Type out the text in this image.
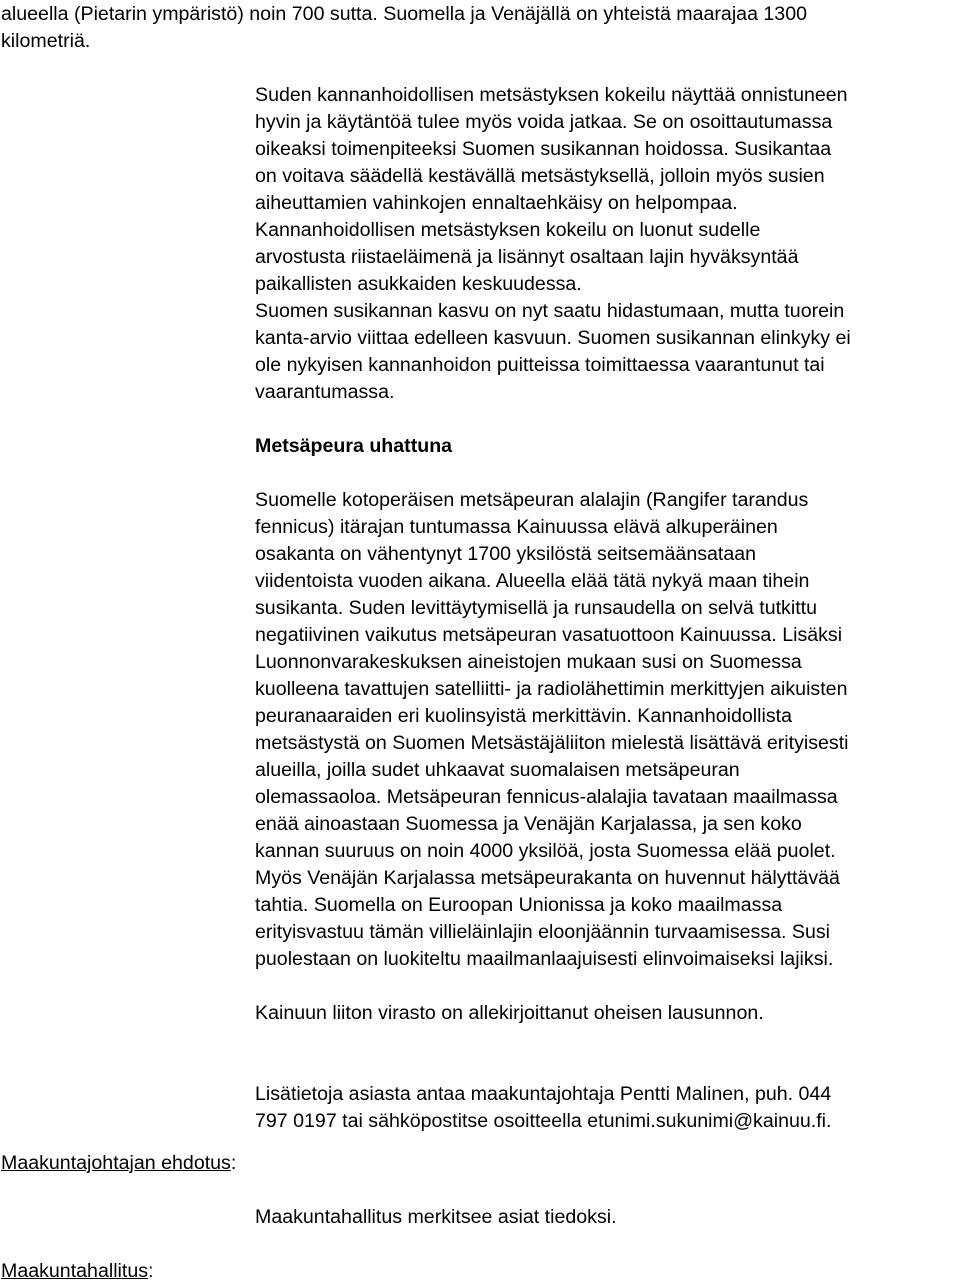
alueella (Pietarin ympäristö) noin 700 sutta. Suomella ja Venäjällä on yhteistä maarajaa 1300

kilometriä.

Suden kannanhoidollisen metsästyksen kokeilu näyttää onnistuneen

hyvin ja käytäntöä tulee myös voida jatkaa. Se on osoittautumassa

oikeaksi toimenpiteeksi Suomen susikannan hoidossa. Susikantaa

on voitava säädellä kestävällä metsästyksellä, jolloin myös susien

aiheuttamien vahinkojen ennaltaehkäisy on helpompaa.

Kannanhoidollisen metsästyksen kokeilu on luonut sudelle

arvostusta riistaeläimenä ja lisännyt osaltaan lajin hyväksyntää

paikallisten asukkaiden keskuudessa.

Suomen susikannan kasvu on nyt saatu hidastumaan, mutta tuorein

kanta-arvio viittaa edelleen kasvuun. Suomen susikannan elinkyky ei

ole nykyisen kannanhoidon puitteissa toimittaessa vaarantunut tai

vaarantumassa.

Metsäpeura uhattuna

Suomelle kotoperäisen metsäpeuran alalajin (Rangifer tarandus

fennicus) itärajan tuntumassa Kainuussa elävä alkuperäinen

osakanta on vähentynyt 1700 yksilöstä seitsemäänsataan

viidentoista vuoden aikana. Alueella elää tätä nykyä maan tihein

susikanta. Suden levittäytymisellä ja runsaudella on selvä tutkittu

negatiivinen vaikutus metsäpeuran vasatuottoon Kainuussa. Lisäksi

Luonnonvarakeskuksen aineistojen mukaan susi on Suomessa

kuolleena tavattujen satelliitti- ja radiolähettimin merkittyjen aikuisten

peuranaaraiden eri kuolinsyistä merkittävin. Kannanhoidollista

metsästystä on Suomen Metsästäjäliiton mielestä lisättävä erityisesti

alueilla, joilla sudet uhkaavat suomalaisen metsäpeuran

olemassaoloa. Metsäpeuran fennicus-alalajia tavataan maailmassa

enää ainoastaan Suomessa ja Venäjän Karjalassa, ja sen koko

kannan suuruus on noin 4000 yksilöä, josta Suomessa elää puolet.

Myös Venäjän Karjalassa metsäpeurakanta on huvennut hälyttävää

tahtia. Suomella on Euroopan Unionissa ja koko maailmassa

erityisvastuu tämän villieläinlajin eloonjäännin turvaamisessa. Susi

puolestaan on luokiteltu maailmanlaajuisesti elinvoimaiseksi lajiksi.

Kainuun liiton virasto on allekirjoittanut oheisen lausunnon.

Lisätietoja asiasta antaa maakuntajohtaja Pentti Malinen, puh. 044

797 0197 tai sähköpostitse osoitteella etunimi.sukunimi@kainuu.fi.

Maakuntajohtajan ehdotus:

Maakuntahallitus merkitsee asiat tiedoksi.

Maakuntahallitus:
